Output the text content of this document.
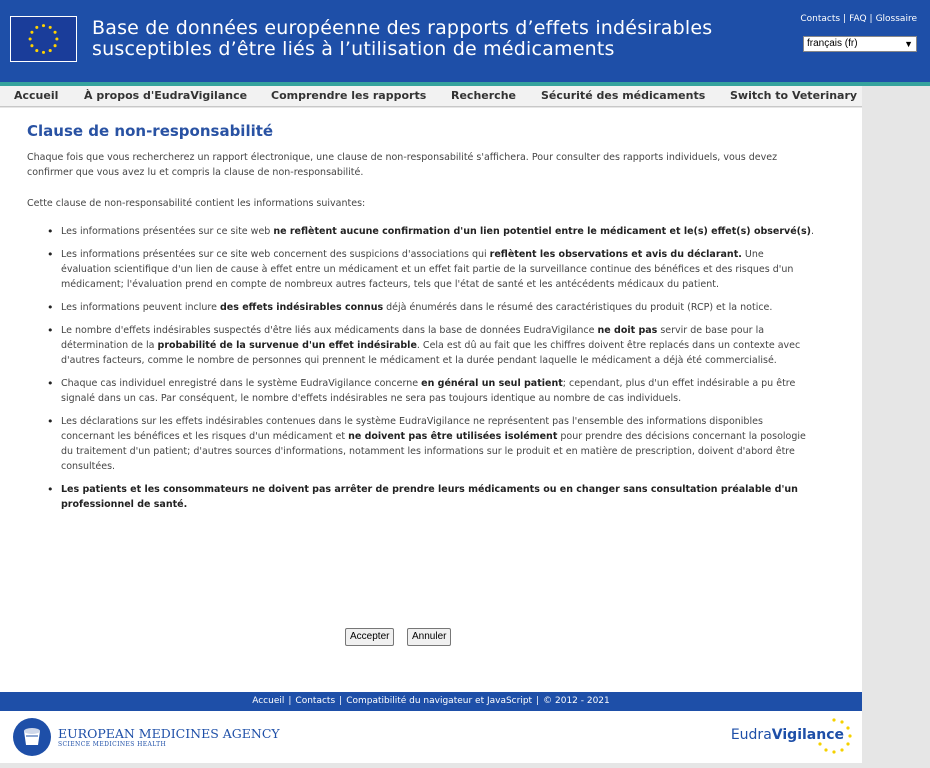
Base de données européenne des rapports d’effets indésirables
susceptibles d’être liés à l’utilisation de médicaments
Contacts | FAQ | Glossaire
français (fr)	▼
Accueil À propos d'EudraVigilance Comprendre les rapports Recherche Sécurité des médicaments Switch to Veterinary
Clause de non-responsabilité

Chaque fois que vous rechercherez un rapport électronique, une clause de non-responsabilité s'affichera. Pour consulter des rapports individuels, vous devez confirmer que vous avez lu et compris la clause de non-responsabilité.

Cette clause de non-responsabilité contient les informations suivantes:

• Les informations présentées sur ce site web ne reflètent aucune confirmation d'un lien potentiel entre le médicament et le(s) effet(s) observé(s).
• Les informations présentées sur ce site web concernent des suspicions d'associations qui reflètent les observations et avis du déclarant. Une évaluation scientifique d'un lien de cause à effet entre un médicament et un effet fait partie de la surveillance continue des bénéfices et des risques d'un médicament; l'évaluation prend en compte de nombreux autres facteurs, tels que l'état de santé et les antécédents médicaux du patient.
• Les informations peuvent inclure des effets indésirables connus déjà énumérés dans le résumé des caractéristiques du produit (RCP) et la notice.
• Le nombre d'effets indésirables suspectés d'être liés aux médicaments dans la base de données EudraVigilance ne doit pas servir de base pour la détermination de la probabilité de la survenue d'un effet indésirable. Cela est dû au fait que les chiffres doivent être replacés dans un contexte avec d'autres facteurs, comme le nombre de personnes qui prennent le médicament et la durée pendant laquelle le médicament a déjà été commercialisé.
• Chaque cas individuel enregistré dans le système EudraVigilance concerne en général un seul patient; cependant, plus d'un effet indésirable a pu être signalé dans un cas. Par conséquent, le nombre d'effets indésirables ne sera pas toujours identique au nombre de cas individuels.
• Les déclarations sur les effets indésirables contenues dans le système EudraVigilance ne représentent pas l'ensemble des informations disponibles concernant les bénéfices et les risques d'un médicament et ne doivent pas être utilisées isolément pour prendre des décisions concernant la posologie du traitement d'un patient; d'autres sources d'informations, notamment les informations sur le produit et en matière de prescription, doivent d'abord être consultées.
• Les patients et les consommateurs ne doivent pas arrêter de prendre leurs médicaments ou en changer sans consultation préalable d'un professionnel de santé.
Accepter	Annuler
Accueil | Contacts | Compatibilité du navigateur et JavaScript | © 2012 - 2021
EUROPEAN MEDICINES AGENCY
SCIENCE MEDICINES HEALTH
EudraVigilance
